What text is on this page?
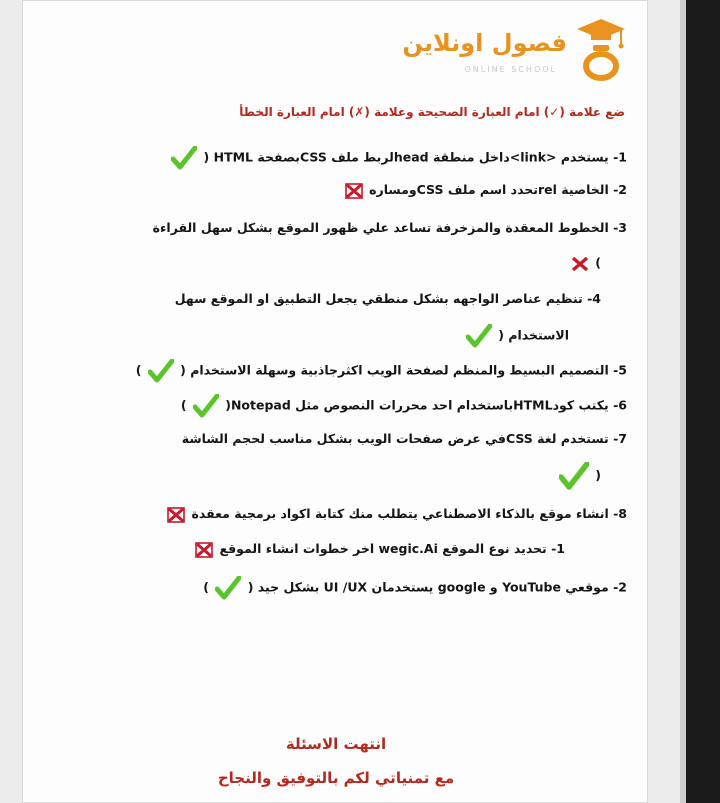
فصول اونلاين
ONLINE SCHOOL
ضع علامة (✓) امام العبارة الصحيحة وعلامة (✗) امام العبارة الخطأ
1- يستخدم <link>داخل منطقة headلربط ملف CSSبصفحة HTML (
2- الخاصية relتحدد اسم ملف CSSومساره
3- الخطوط المعقدة والمزخرفة تساعد علي ظهور الموقع بشكل سهل القراءة
)
4- تنظيم عناصر الواجهه بشكل منطقي يجعل التطبيق او الموقع سهل
الاستخدام (
5- التصميم البسيط والمنظم لصفحة الويب اكثرجاذبية وسهلة الاستخدام (  )
6- يكتب كودHTMLباستخدام احد محررات النصوص مثل Notepad(  )
7- تستخدم لغة CSSفي عرض صفحات الويب بشكل مناسب لحجم الشاشة
(
8- انشاء موقع بالذكاء الاصطناعي يتطلب منك كتابة اكواد برمجية معقدة
1- تحديد نوع الموقع wegic.Ai اخر خطوات انشاء الموقع
2- موقعي YouTube و google يستخدمان UI /UX بشكل جيد (  )
انتهت الاسئلة
مع تمنياتي لكم بالتوفيق والنجاح
